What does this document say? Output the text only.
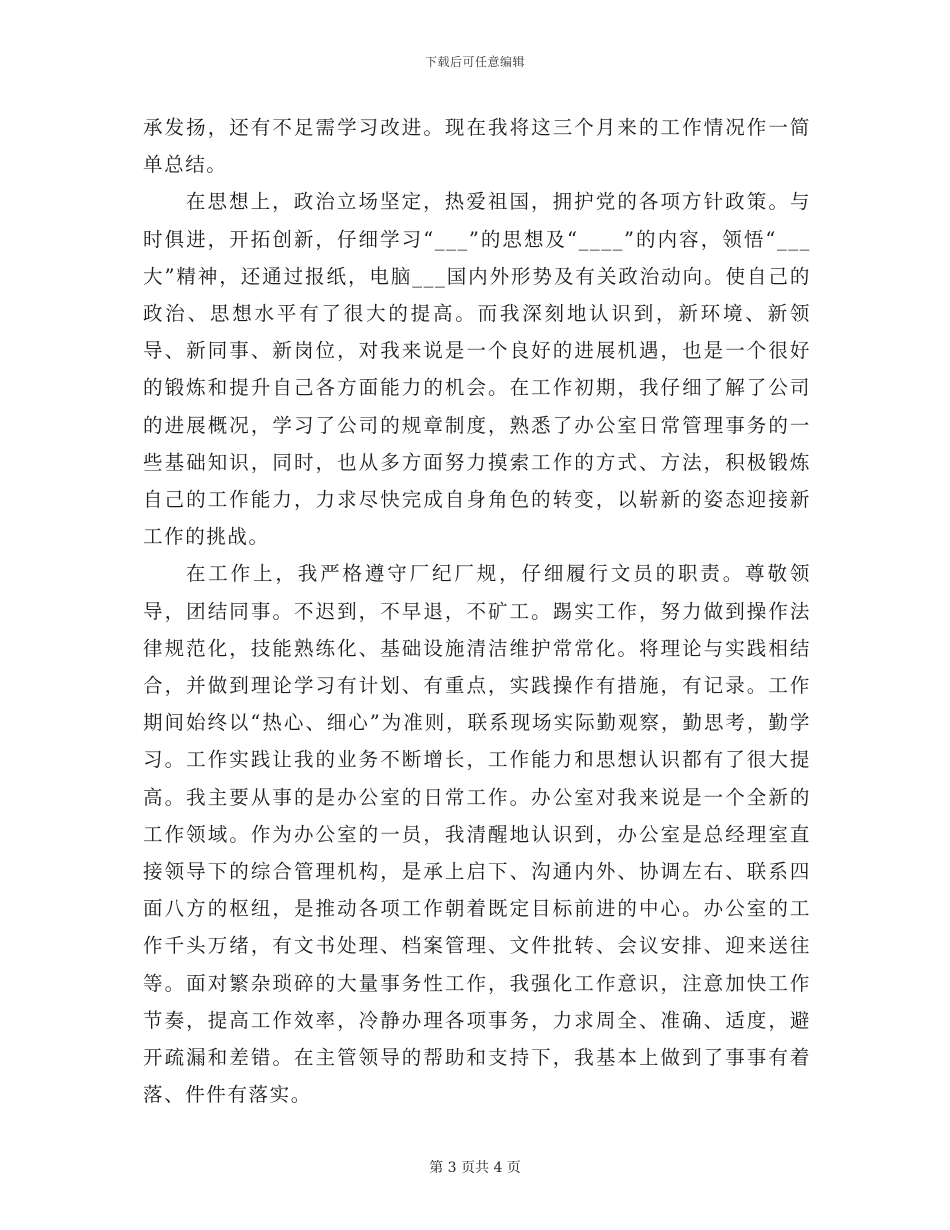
下载后可任意编辑

承发扬，还有不足需学习改进。现在我将这三个月来的工作情况作一简单总结。

在思想上，政治立场坚定，热爱祖国，拥护党的各项方针政策。与时俱进，开拓创新，仔细学习“___”的思想及“____”的内容，领悟“___大”精神，还通过报纸，电脑___国内外形势及有关政治动向。使自己的政治、思想水平有了很大的提高。而我深刻地认识到，新环境、新领导、新同事、新岗位，对我来说是一个良好的进展机遇，也是一个很好的锻炼和提升自己各方面能力的机会。在工作初期，我仔细了解了公司的进展概况，学习了公司的规章制度，熟悉了办公室日常管理事务的一些基础知识，同时，也从多方面努力摸索工作的方式、方法，积极锻炼自己的工作能力，力求尽快完成自身角色的转变，以崭新的姿态迎接新工作的挑战。

在工作上，我严格遵守厂纪厂规，仔细履行文员的职责。尊敬领导，团结同事。不迟到，不早退，不矿工。踢实工作，努力做到操作法律规范化，技能熟练化、基础设施清洁维护常常化。将理论与实践相结合，并做到理论学习有计划、有重点，实践操作有措施，有记录。工作期间始终以“热心、细心”为准则，联系现场实际勤观察，勤思考，勤学习。工作实践让我的业务不断增长，工作能力和思想认识都有了很大提高。我主要从事的是办公室的日常工作。办公室对我来说是一个全新的工作领域。作为办公室的一员，我清醒地认识到，办公室是总经理室直接领导下的综合管理机构，是承上启下、沟通内外、协调左右、联系四面八方的枢纽，是推动各项工作朝着既定目标前进的中心。办公室的工作千头万绪，有文书处理、档案管理、文件批转、会议安排、迎来送往等。面对繁杂琐碎的大量事务性工作，我强化工作意识，注意加快工作节奏，提高工作效率，冷静办理各项事务，力求周全、准确、适度，避开疏漏和差错。在主管领导的帮助和支持下，我基本上做到了事事有着落、件件有落实。

第 3 页共 4 页
